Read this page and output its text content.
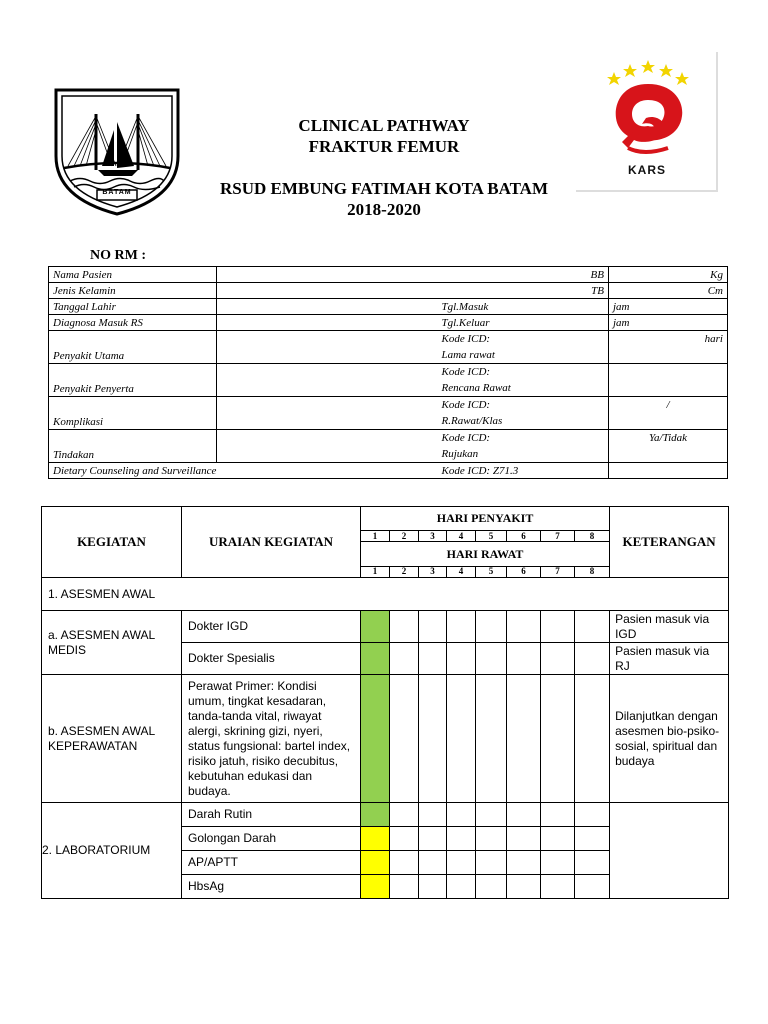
BATAM
CLINICAL PATHWAY
FRAKTUR FEMUR
RSUD EMBUNG FATIMAH KOTA BATAM
2018-2020
KARS
NO RM :
Nama Pasien		BB	Kg
Jenis Kelamin		TB	Cm
Tanggal Lahir		Tgl.Masuk	jam
Diagnosa Masuk RS		Tgl.Keluar	jam
Penyakit Utama		Kode ICD:
Lama rawat	hari
Penyakit Penyerta		Kode ICD:
Rencana Rawat	
Komplikasi		Kode ICD:
R.Rawat/Klas	/
Tindakan		Kode ICD:
Rujukan	Ya/Tidak
Dietary Counseling and Surveillance		Kode ICD: Z71.3	
KEGIATAN	URAIAN KEGIATAN	HARI PENYAKIT								KETERANGAN
		1	2	3	4	5	6	7	8	
		HARI RAWAT								
		1	2	3	4	5	6	7	8	
1. ASESMEN AWAL										
a. ASESMEN AWAL MEDIS	Dokter IGD									Pasien masuk via IGD
	Dokter Spesialis									Pasien masuk via RJ
b. ASESMEN AWAL KEPERAWATAN	Perawat Primer: Kondisi umum, tingkat kesadaran, tanda-tanda vital, riwayat alergi, skrining gizi, nyeri, status fungsional: bartel index, risiko jatuh, risiko decubitus, kebutuhan edukasi dan budaya.									Dilanjutkan dengan asesmen bio-psiko- sosial, spiritual dan budaya
2. LABORATORIUM	Darah Rutin									
	Golongan Darah									
	AP/APTT									
	HbsAg									
